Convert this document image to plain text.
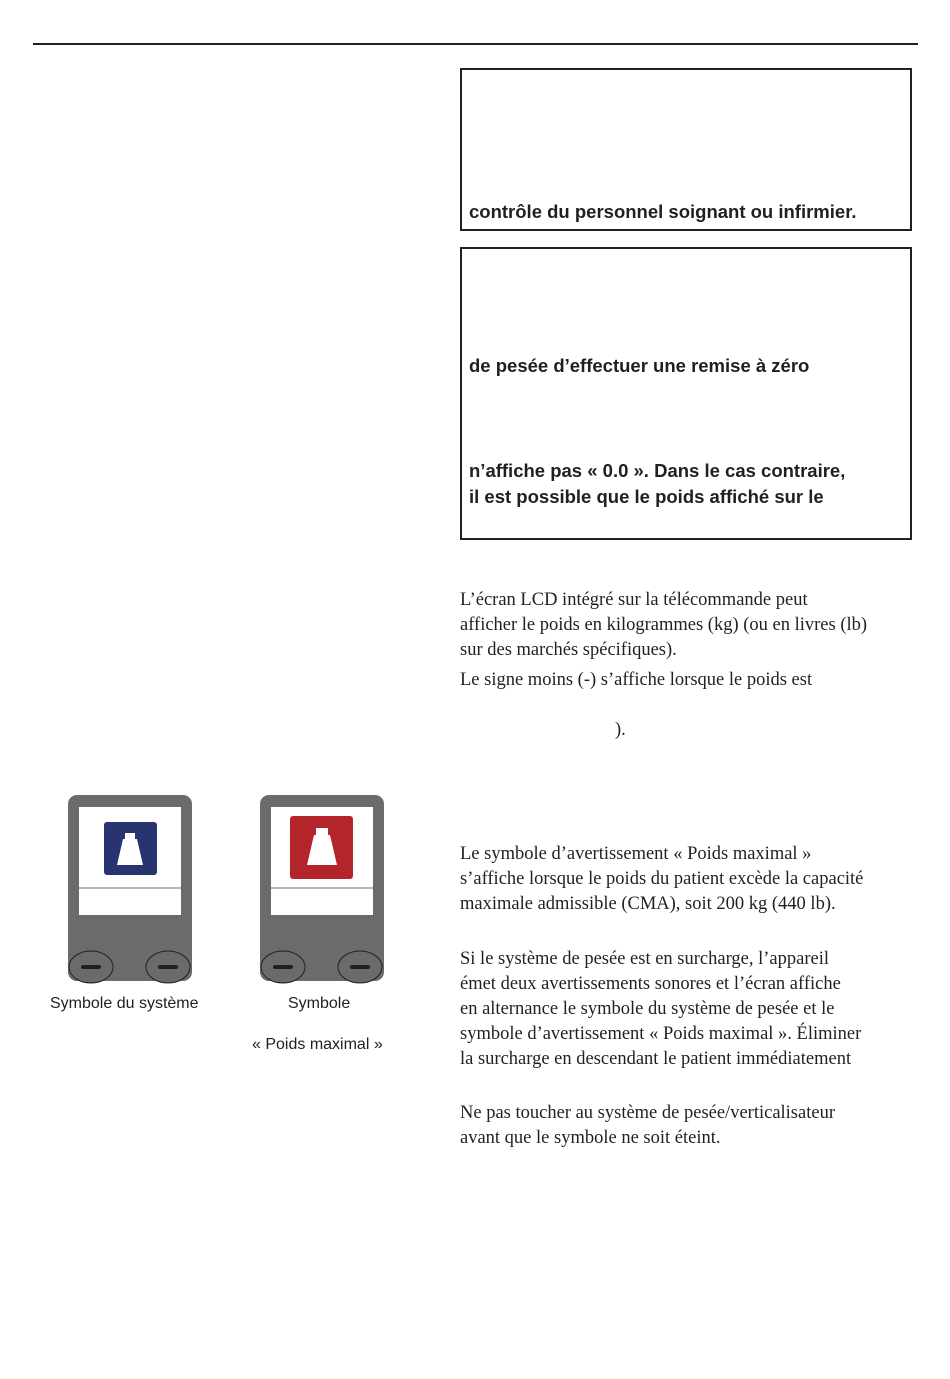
contrôle du personnel soignant ou infirmier.

de pesée d’effectuer une remise à zéro

n’affiche pas « 0.0 ». Dans le cas contraire,

il est possible que le poids affiché sur le

L’écran LCD intégré sur la télécommande peut

afficher le poids en kilogrammes (kg) (ou en livres (lb)

sur des marchés spécifiques).

Le signe moins (-) s’affiche lorsque le poids est

).

Le symbole d’avertissement « Poids maximal »

s’affiche lorsque le poids du patient excède la capacité

maximale admissible (CMA), soit 200 kg (440 lb).

Si le système de pesée est en surcharge, l’appareil

émet deux avertissements sonores et l’écran affiche

en alternance le symbole du système de pesée et le

symbole d’avertissement « Poids maximal ». Éliminer

la surcharge en descendant le patient immédiatement

Ne pas toucher au système de pesée/verticalisateur

avant que le symbole ne soit éteint.

Symbole du système	Symbole

« Poids maximal »
